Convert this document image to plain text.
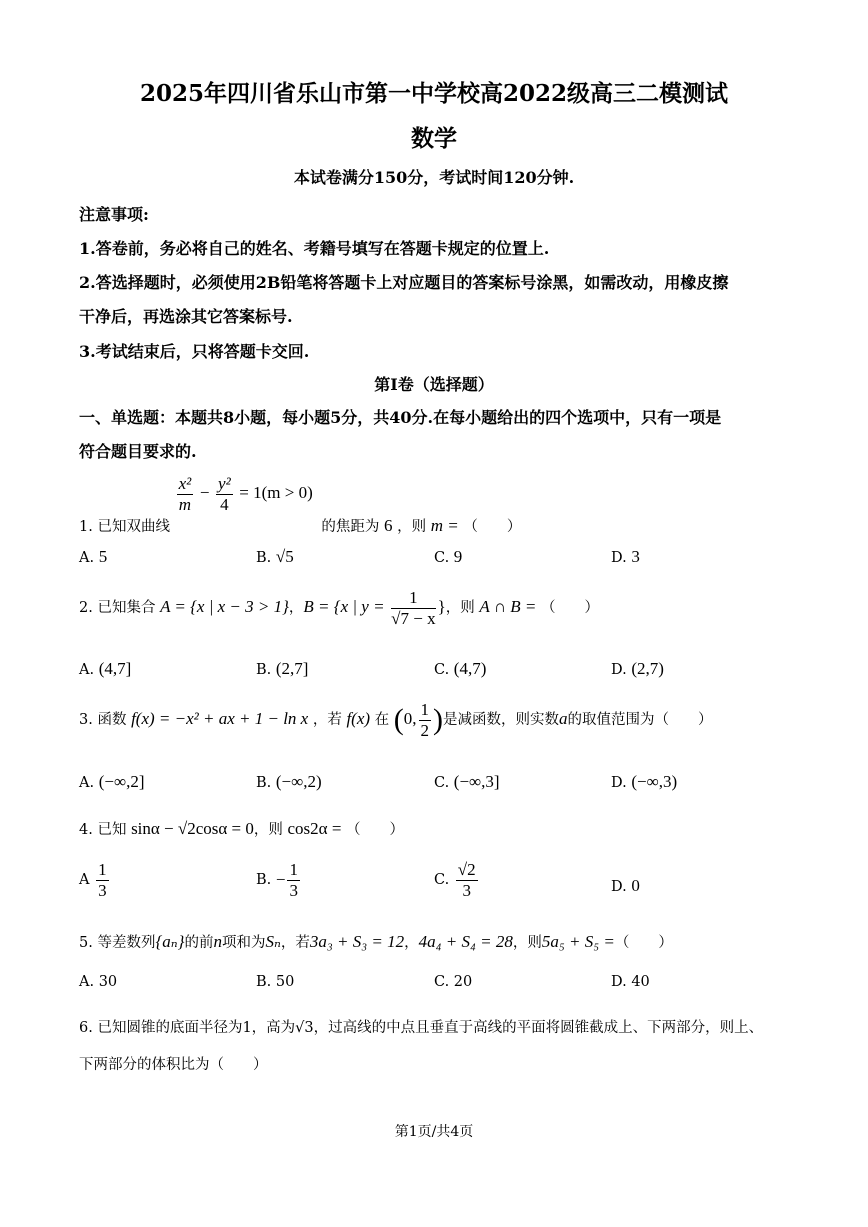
2025年四川省乐山市第一中学校高2022级高三二模测试
数学
本试卷满分150分，考试时间120分钟.
注意事项:
1.答卷前，务必将自己的姓名、考籍号填写在答题卡规定的位置上.
2.答选择题时，必须使用2B铅笔将答题卡上对应题目的答案标号涂黑，如需改动，用橡皮擦
干净后，再选涂其它答案标号.
3.考试结束后，只将答题卡交回.
第I卷（选择题）
一、单选题：本题共8小题，每小题5分，共40分.在每小题给出的四个选项中，只有一项是
符合题目要求的.
1. 已知双曲线
$\frac{\text{x²}}{m} - \frac{\text{y²}}{4} = 1(m > 0)$ 的焦距为 6 ，则 m = （　　）
A. 5	B. √5	C. 9	D. 3
2. 已知集合 A = {x | x − 3 > 1}，B = {x | $y = \frac{1}{√7 - x}$ }，则 A ∩ B = （　　）
A. (4,7]	B. (2,7]	C. (4,7)	D. (2,7)
3. 函数 f(x) = −x² + ax + 1 − ln x ，若 f(x) 在 (0, $\frac{1}{2}$ )是减函数，则实数a的取值范围为（　　）
A. (−∞,2]	B. (−∞,2)	C. (−∞,3]	D. (−∞,3)
4. 已知 sinα − √2cosα = 0，则 cos2α = （　　）
A $\frac{1}{3}$	B. − $\frac{1}{3}$	C. $\frac{√2}{3}$	D. 0
5. 等差数列{aₙ}的前n项和为Sₙ，若3a₃ + S₃ = 12，4a₄ + S₄ = 28，则5a₅ + S₅ =（　　）
A. 30	B. 50	C. 20	D. 40
6. 已知圆锥的底面半径为1，高为√3，过高线的中点且垂直于高线的平面将圆锥截成上、下两部分，则上、
下两部分的体积比为（　　）
第1页/共4页
